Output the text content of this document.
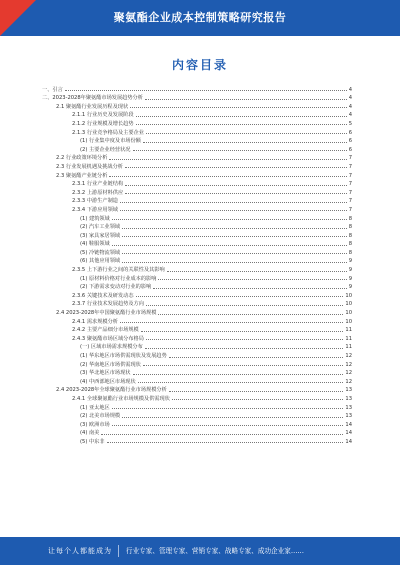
聚氨酯企业成本控制策略研究报告
内容目录
一、引言	4
二、2023-2028年聚氨酯市场发展趋势分析	4
2.1 聚氨酯行业发展历程及现状	4
2.1.1 行业历史及发展阶段	4
2.1.2 行业规模及增长趋势	5
2.1.3 行业竞争格局及主要企业	6
(1) 行业集中度及市场份额	6
(2) 主要企业经营状况	6
2.2 行业政策环境分析	7
2.3 行业发展机遇及挑战分析	7
2.3 聚氨酯产业链分析	7
2.3.1 行业产业链结构	7
2.3.2 上游原材料供应	7
2.3.3 中游生产制造	7
2.3.4 下游应用领域	7
(1) 建筑领域	8
(2) 汽车工业领域	8
(3) 家具家居领域	8
(4) 鞋服领域	8
(5) 冷链物流领域	8
(6) 其他应用领域	9
2.3.5 上下游行业之间的关联性及其影响	9
(1) 原材料价格对行业成本的影响	9
(2) 下游需求变动对行业的影响	9
2.3.6 关键技术及研发动态	10
2.3.7 行业技术发展趋势及方向	10
2.4 2023-2028年中国聚氨酯行业市场规模	10
2.4.1 需求规模分析	10
2.4.2 主要产品细分市场规模	11
2.4.3 聚氨酯市场区域分布格局	11
(一) 区域市场需求规模分布	11
(1) 华东地区市场供需现状及发展趋势	12
(2) 华南地区市场供需现状	12
(3) 华北地区市场现状	12
(4) 中西部地区市场现状	12
2.4 2023-2028年全球聚氨酯行业市场规模分析	13
2.4.1 全球聚氨酯行业市场规模及供需现状	13
(1) 亚太地区	13
(2) 北美市场规模	13
(3) 欧洲市场	14
(4) 南美	14
(5) 中东非	14
让每个人都能成为 行业专家、管理专家、营销专家、战略专家、成功企业家……
